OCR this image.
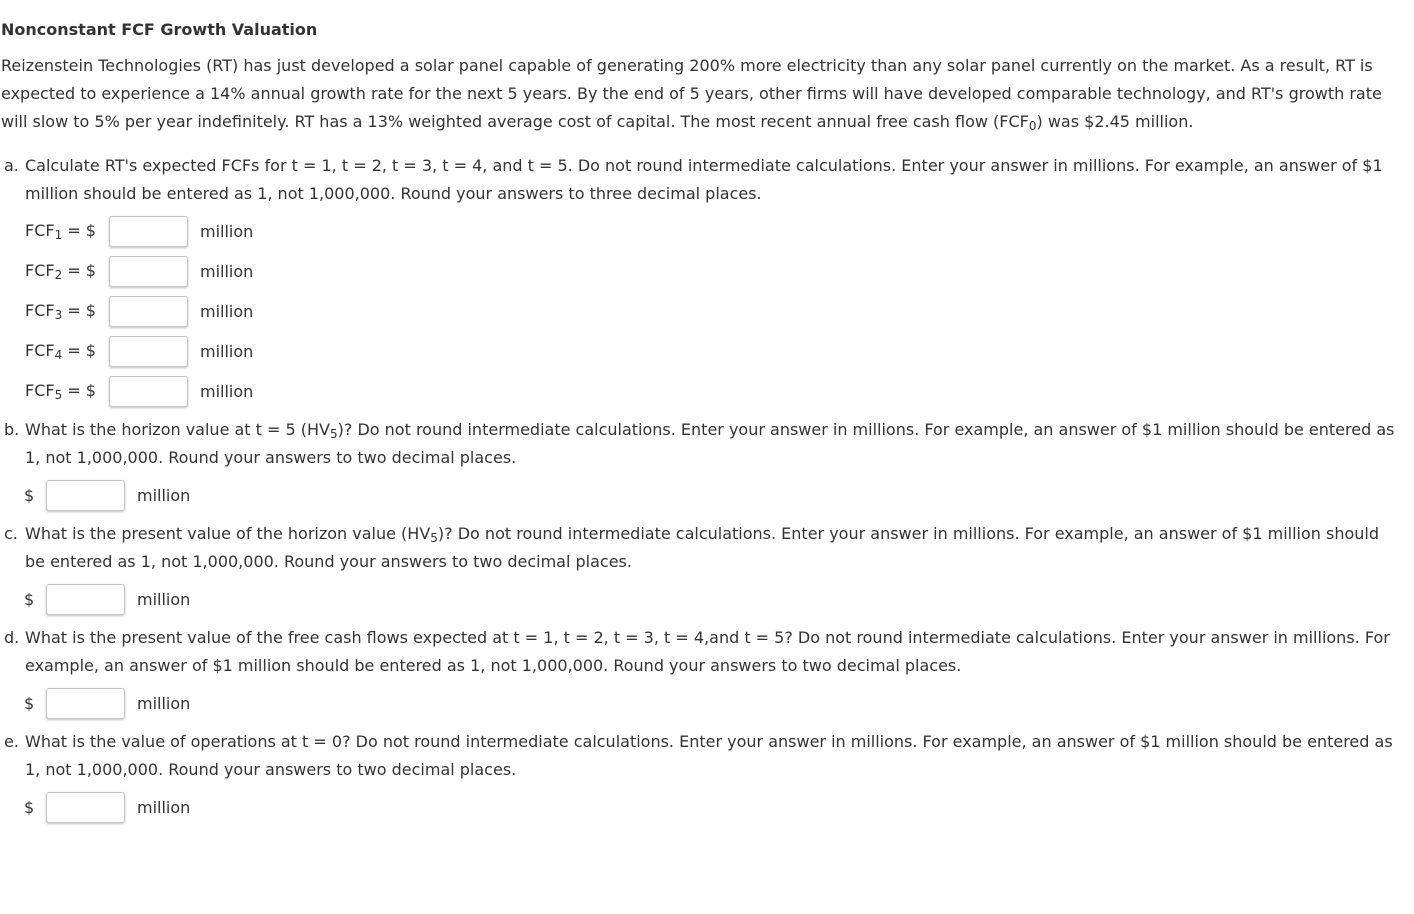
Nonconstant FCF Growth Valuation
Reizenstein Technologies (RT) has just developed a solar panel capable of generating 200% more electricity than any solar panel currently on the market. As a result, RT is
expected to experience a 14% annual growth rate for the next 5 years. By the end of 5 years, other firms will have developed comparable technology, and RT's growth rate
will slow to 5% per year indefinitely. RT has a 13% weighted average cost of capital. The most recent annual free cash flow $(FCF_0)$ was $2.45 million.
a. Calculate RT's expected FCFs for t = 1, t = 2, t = 3, t = 4, and t = 5. Do not round intermediate calculations. Enter your answer in millions. For example, an answer of $1
million should be entered as 1, not 1,000,000. Round your answers to three decimal places.
$FCF_1$ = $	million
$FCF_2$ = $	million
$FCF_3$ = $	million
$FCF_4$ = $	million
$FCF_5$ = $	million
b. What is the horizon value at t = 5 $(HV_5)$? Do not round intermediate calculations. Enter your answer in millions. For example, an answer of $1 million should be entered as
1, not 1,000,000. Round your answers to two decimal places.
$	million
c. What is the present value of the horizon value $(HV_5)$? Do not round intermediate calculations. Enter your answer in millions. For example, an answer of $1 million should
be entered as 1, not 1,000,000. Round your answers to two decimal places.
$	million
d. What is the present value of the free cash flows expected at t = 1, t = 2, t = 3, t = 4,and t = 5? Do not round intermediate calculations. Enter your answer in millions. For
example, an answer of $1 million should be entered as 1, not 1,000,000. Round your answers to two decimal places.
$	million
e. What is the value of operations at t = 0? Do not round intermediate calculations. Enter your answer in millions. For example, an answer of $1 million should be entered as
1, not 1,000,000. Round your answers to two decimal places.
$	million
